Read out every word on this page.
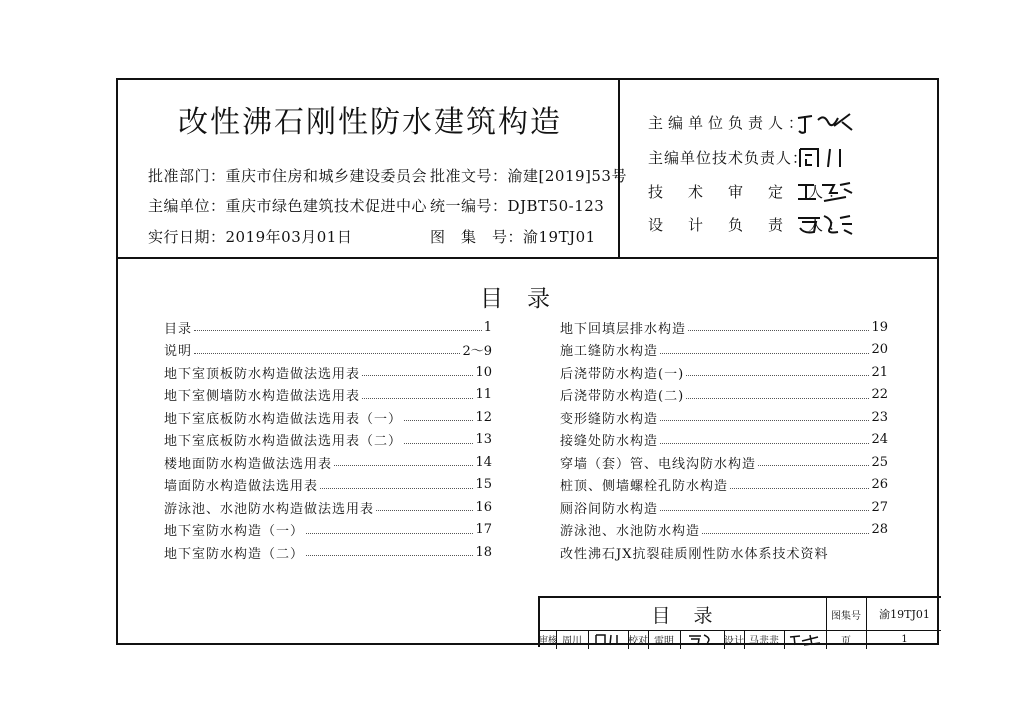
改性沸石刚性防水建筑构造
批准部门：重庆市住房和城乡建设委员会 批准文号：渝建[2019]53号
主编单位：重庆市绿色建筑技术促进中心 统一编号：DJBT50-123
实行日期：2019年03月01日	图　集　号：渝19TJ01
主编单位负责人：
主编单位技术负责人：
技　术　审　定　人：
设　计　负　责　人：
目录
目录	1
说明	2～9
地下室顶板防水构造做法选用表	10
地下室侧墙防水构造做法选用表	11
地下室底板防水构造做法选用表（一）	12
地下室底板防水构造做法选用表（二）	13
楼地面防水构造做法选用表	14
墙面防水构造做法选用表	15
游泳池、水池防水构造做法选用表	16
地下室防水构造（一）	17
地下室防水构造（二）	18
地下回填层排水构造	19
施工缝防水构造	20
后浇带防水构造(一)	21
后浇带防水构造(二)	22
变形缝防水构造	23
接缝处防水构造	24
穿墙（套）管、电线沟防水构造	25
桩顶、侧墙螺栓孔防水构造	26
厕浴间防水构造	27
游泳池、水池防水构造	28
改性沸石JX抗裂硅质刚性防水体系技术资料
目　录	图集号	渝19TJ01
审核 周川	校对 雷明	设计 马悲悲	页	1
